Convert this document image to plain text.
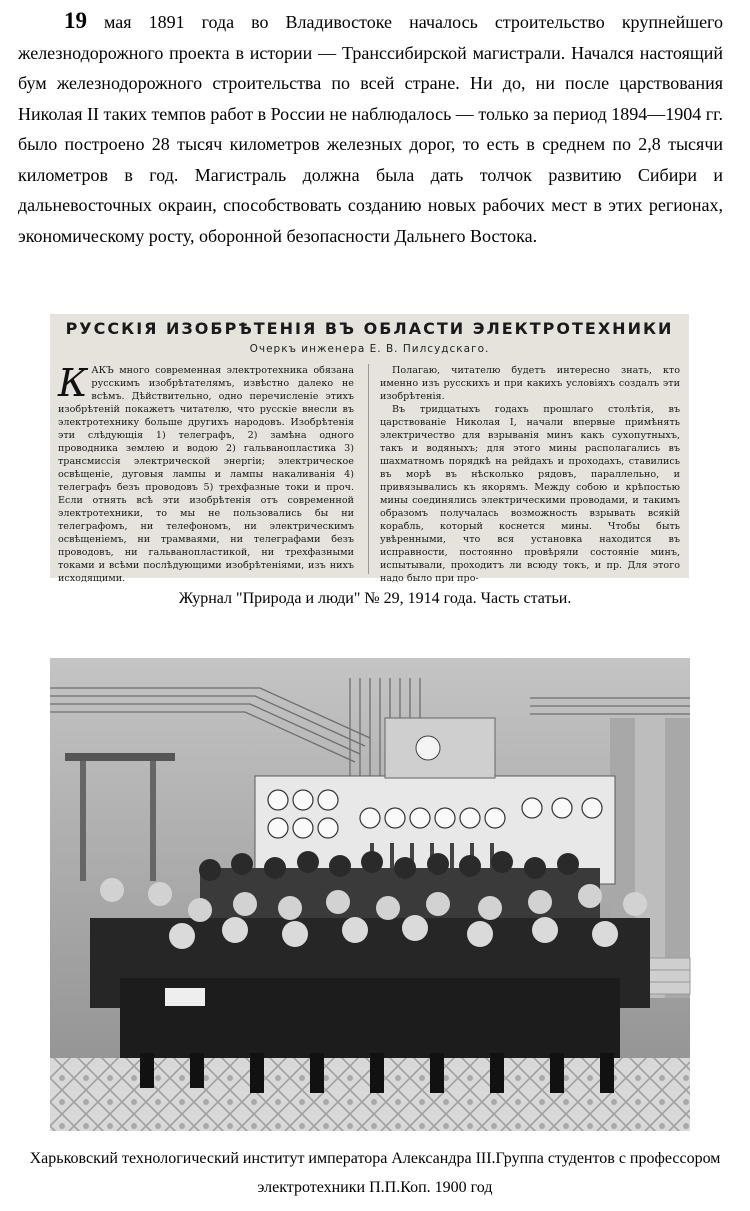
19 мая 1891 года во Владивостоке началось строительство крупнейшего железнодорожного проекта в истории — Транссибирской магистрали. Начался настоящий бум железнодорожного строительства по всей стране. Ни до, ни после царствования Николая II таких темпов работ в России не наблюдалось — только за период 1894—1904 гг. было построено 28 тысяч километров железных дорог, то есть в среднем по 2,8 тысячи километров в год. Магистраль должна была дать толчок развитию Сибири и дальневосточных окраин, способствовать созданию новых рабочих мест в этих регионах, экономическому росту, оборонной безопасности Дальнего Востока.
РУССКІЯ ИЗОБРѢТЕНІЯ ВЪ ОБЛАСТИ ЭЛЕКТРОТЕХНИКИ
Очеркъ инженера Е. В. Пилсудскаго.

КАКЪ много современная электротехника обязана русскимъ изобрѣтателямъ, извѣстно далеко не всѣмъ. Дѣйствительно, одно перечисленіе этихъ изобрѣтеній покажетъ читателю, что русскіе внесли въ электротехнику больше другихъ народовъ. Изобрѣтенія эти слѣдующія 1) телеграфъ, 2) замѣна одного проводника землею и водою 2) гальванопластика 3) трансмиссія электрической энергіи; электрическое освѣщеніе, дуговыя лампы и лампы накаливанія 4) телеграфъ безъ проводовъ 5) трехфазные токи и проч. Если отнять всѣ эти изобрѣтенія отъ современной электротехники, то мы не пользовались бы ни телеграфомъ, ни телефономъ, ни электрическимъ освѣщеніемъ, ни трамваями, ни телеграфами безъ проводовъ, ни гальванопластикой, ни трехфазными токами и всѣми послѣдующими изобрѣтеніями, изъ нихъ исходящими.

Полагаю, читателю будетъ интересно знать, кто именно изъ русскихъ и при какихъ условіяхъ создалъ эти изобрѣтенія.

Въ тридцатыхъ годахъ прошлаго столѣтія, въ царствованіе Николая I, начали впервые примѣнять электричество для взрыванія минъ какъ сухопутныхъ, такъ и водяныхъ; для этого мины располагались въ шахматномъ порядкѣ на рейдахъ и проходахъ, ставились въ морѣ въ нѣсколько рядовъ, параллельно, и привязывались къ якорямъ. Между собою и крѣпостью мины соединялись электрическими проводами, и такимъ образомъ получалась возможность взрывать всякій корабль, который коснется мины. Чтобы быть увѣренными, что вся установка находится въ исправности, постоянно провѣряли состояніе минъ, испытывали, проходитъ ли всюду токъ, и пр. Для этого надо было при про-

Журнал "Природа и люди" № 29, 1914 года. Часть статьи.
Харьковский технологический институт императора Александра III.Группа студентов с профессором электротехники П.П.Коп. 1900 год
